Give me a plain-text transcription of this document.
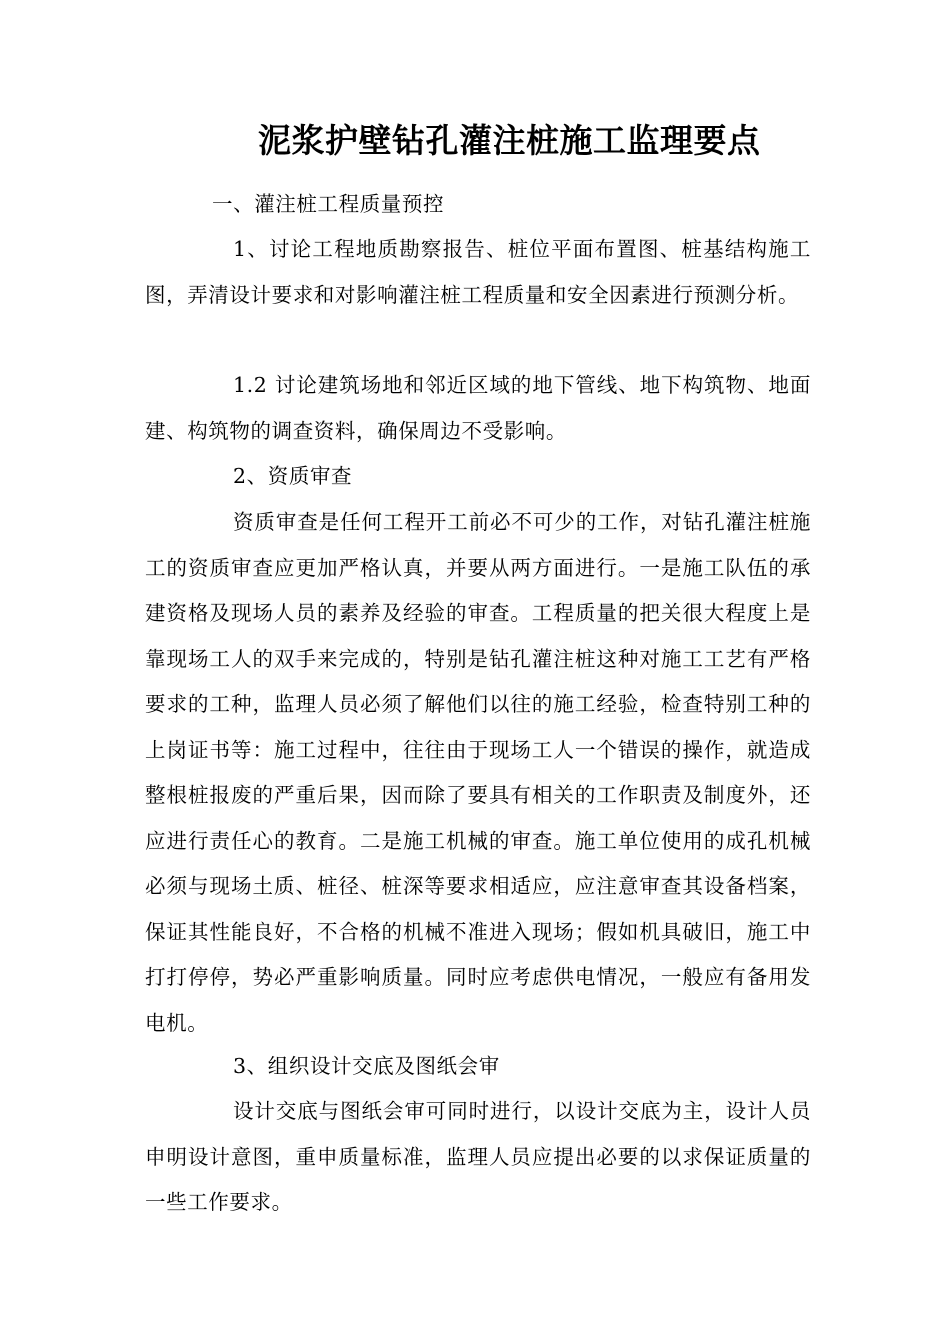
泥浆护壁钻孔灌注桩施工监理要点
一、灌注桩工程质量预控
1、讨论工程地质勘察报告、桩位平面布置图、桩基结构施工图，弄清设计要求和对影响灌注桩工程质量和安全因素进行预测分析。
1.2 讨论建筑场地和邻近区域的地下管线、地下构筑物、地面建、构筑物的调查资料，确保周边不受影响。
2、资质审查
资质审查是任何工程开工前必不可少的工作，对钻孔灌注桩施工的资质审查应更加严格认真，并要从两方面进行。一是施工队伍的承建资格及现场人员的素养及经验的审查。工程质量的把关很大程度上是靠现场工人的双手来完成的，特别是钻孔灌注桩这种对施工工艺有严格要求的工种，监理人员必须了解他们以往的施工经验，检查特别工种的上岗证书等：施工过程中，往往由于现场工人一个错误的操作，就造成整根桩报废的严重后果，因而除了要具有相关的工作职责及制度外，还应进行责任心的教育。二是施工机械的审查。施工单位使用的成孔机械必须与现场土质、桩径、桩深等要求相适应，应注意审查其设备档案，保证其性能良好，不合格的机械不准进入现场；假如机具破旧，施工中打打停停，势必严重影响质量。同时应考虑供电情况，一般应有备用发电机。
3、组织设计交底及图纸会审
设计交底与图纸会审可同时进行，以设计交底为主，设计人员申明设计意图，重申质量标准，监理人员应提出必要的以求保证质量的一些工作要求。
